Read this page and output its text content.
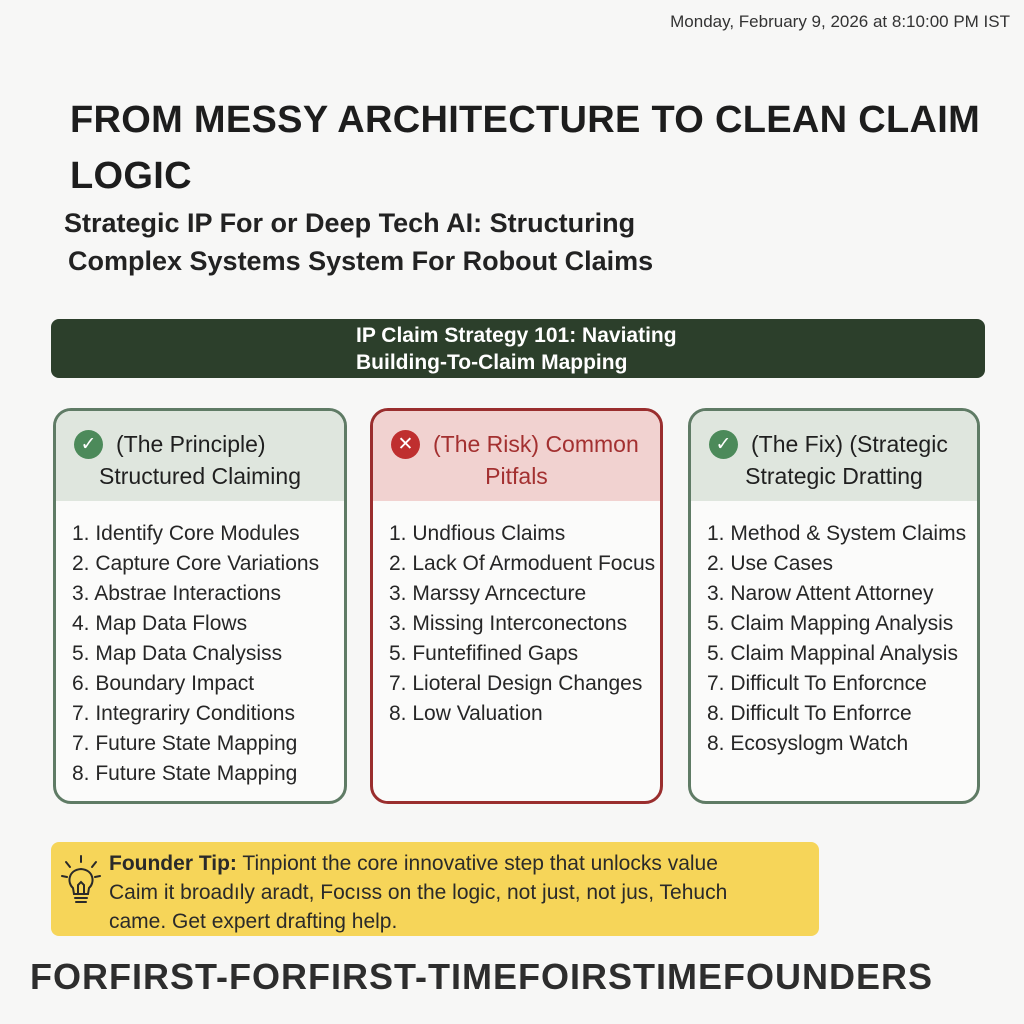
Monday, February 9, 2026 at 8:10:00 PM IST
FROM MESSY ARCHITECTURE TO CLEAN CLAIM LOGIC
Strategic IP For or Deep Tech AI: Structuring
Complex Systems System For Robout Claims
IP Claim Strategy 101: Naviating
Building-To-Claim Mapping
✓ (The Principle)
Structured Claiming
1. Identify Core Modules
2. Capture Core Variations
3. Abstrae Interactions
4. Map Data Flows
5. Map Data Cnalysiss
6. Boundary Impact
7. Integrariry Conditions
7. Future State Mapping
8. Future State Mapping
✕ (The Risk) Common
Pitfals
1. Undfious Claims
2. Lack Of Armoduent Focus
3. Marssy Arncecture
3. Missing Interconectons
5. Funtefifined Gaps
7. Lioteral Design Changes
8. Low Valuation
✓ (The Fix) (Strategic
Strategic Dratting
1. Method & System Claims
2. Use Cases
3. Narow Attent Attorney
5. Claim Mapping Analysis
5. Claim Mappinal Analysis
7. Difficult To Enforcnce
8. Difficult To Enforrce
8. Ecosyslogm Watch
Founder Tip: Tinpiont the core innovative step that unlocks value
Caim it broadıly aradt, Focıss on the logic, not just, not jus, Tehuch
came. Get expert drafting help.
FORFIRST-FORFIRST-TIMEFOIRSTIMEFOUNDERS
